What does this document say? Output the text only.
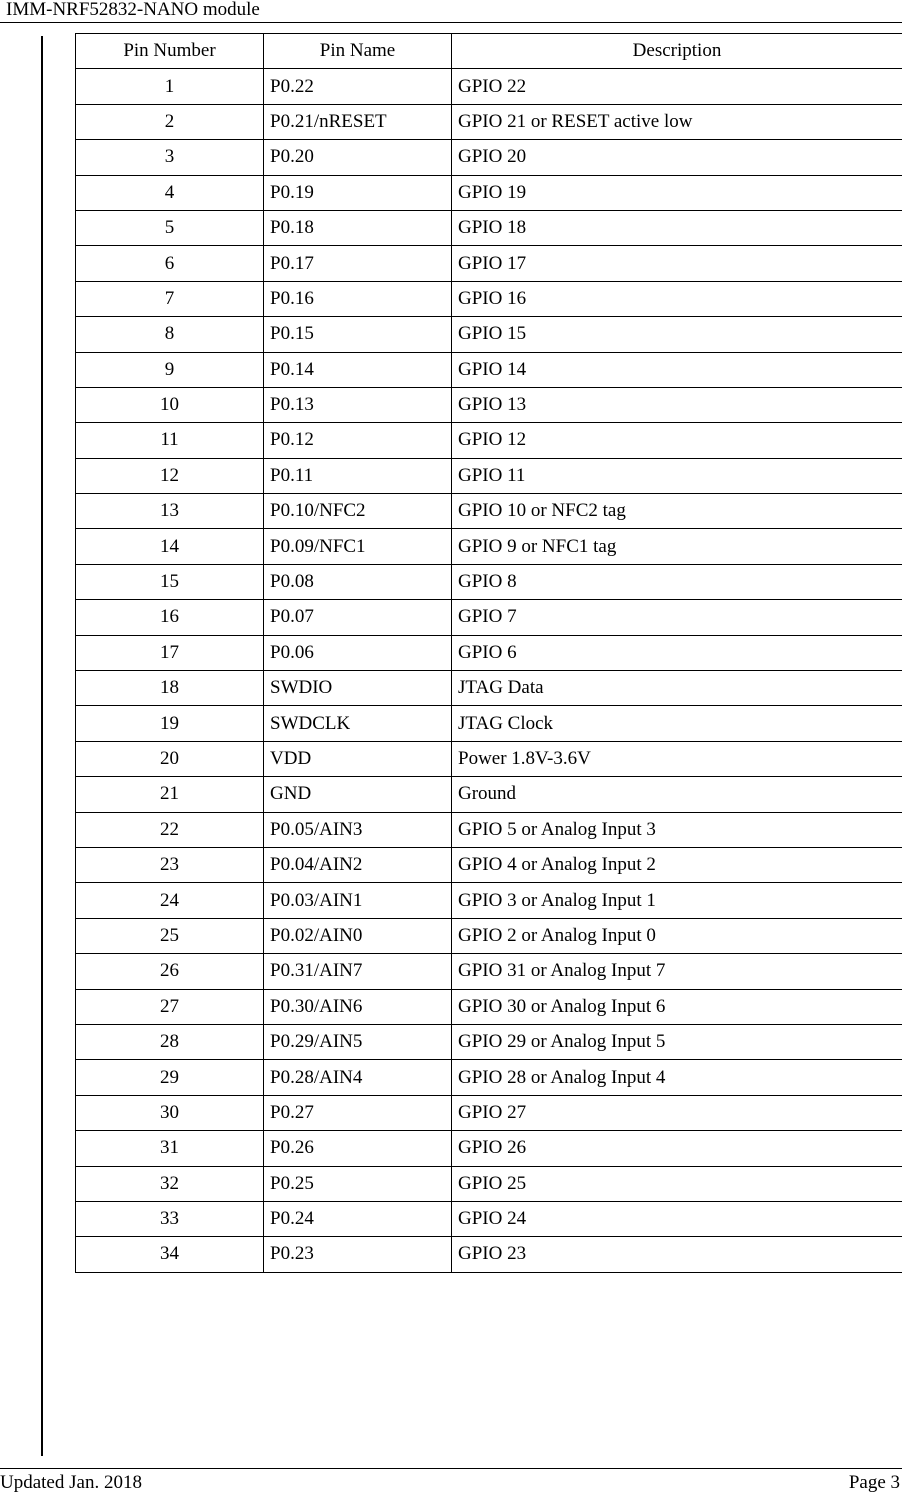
IMM-NRF52832-NANO module
Pin Number	Pin Name	Description
1	P0.22	GPIO 22
2	P0.21/nRESET	GPIO 21 or RESET active low
3	P0.20	GPIO 20
4	P0.19	GPIO 19
5	P0.18	GPIO 18
6	P0.17	GPIO 17
7	P0.16	GPIO 16
8	P0.15	GPIO 15
9	P0.14	GPIO 14
10	P0.13	GPIO 13
11	P0.12	GPIO 12
12	P0.11	GPIO 11
13	P0.10/NFC2	GPIO 10 or NFC2 tag
14	P0.09/NFC1	GPIO 9 or NFC1 tag
15	P0.08	GPIO 8
16	P0.07	GPIO 7
17	P0.06	GPIO 6
18	SWDIO	JTAG Data
19	SWDCLK	JTAG Clock
20	VDD	Power 1.8V-3.6V
21	GND	Ground
22	P0.05/AIN3	GPIO 5 or Analog Input 3
23	P0.04/AIN2	GPIO 4 or Analog Input 2
24	P0.03/AIN1	GPIO 3 or Analog Input 1
25	P0.02/AIN0	GPIO 2 or Analog Input 0
26	P0.31/AIN7	GPIO 31 or Analog Input 7
27	P0.30/AIN6	GPIO 30 or Analog Input 6
28	P0.29/AIN5	GPIO 29 or Analog Input 5
29	P0.28/AIN4	GPIO 28 or Analog Input 4
30	P0.27	GPIO 27
31	P0.26	GPIO 26
32	P0.25	GPIO 25
33	P0.24	GPIO 24
34	P0.23	GPIO 23
Updated Jan. 2018	Page 3
